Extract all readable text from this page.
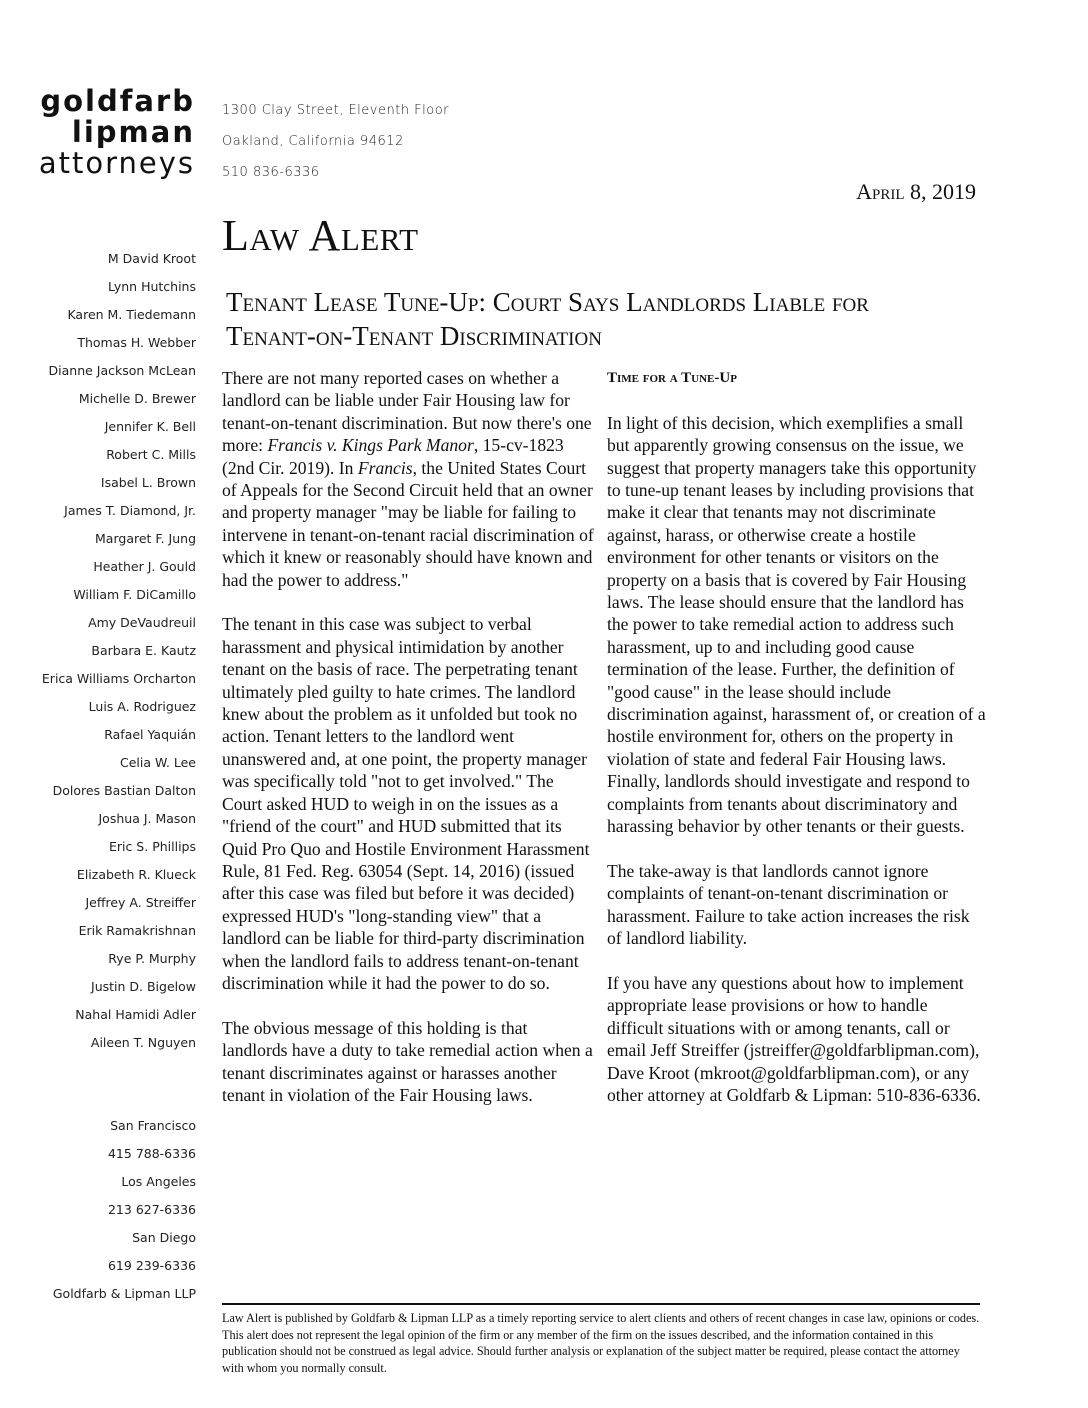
goldfarb
lipman
attorneys
1300 Clay Street, Eleventh Floor
Oakland, California 94612
510 836-6336
April 8, 2019
Law Alert
Tenant Lease Tune-Up: Court Says Landlords Liable for Tenant-on-Tenant Discrimination
M David Kroot
Lynn Hutchins
Karen M. Tiedemann
Thomas H. Webber
Dianne Jackson McLean
Michelle D. Brewer
Jennifer K. Bell
Robert C. Mills
Isabel L. Brown
James T. Diamond, Jr.
Margaret F. Jung
Heather J. Gould
William F. DiCamillo
Amy DeVaudreuil
Barbara E. Kautz
Erica Williams Orcharton
Luis A. Rodriguez
Rafael Yaquián
Celia W. Lee
Dolores Bastian Dalton
Joshua J. Mason
Eric S. Phillips
Elizabeth R. Klueck
Jeffrey A. Streiffer
Erik Ramakrishnan
Rye P. Murphy
Justin D. Bigelow
Nahal Hamidi Adler
Aileen T. Nguyen
San Francisco
415 788-6336
Los Angeles
213 627-6336
San Diego
619 239-6336
Goldfarb & Lipman LLP

There are not many reported cases on whether a landlord can be liable under Fair Housing law for tenant-on-tenant discrimination. But now there's one more: Francis v. Kings Park Manor, 15-cv-1823 (2nd Cir. 2019). In Francis, the United States Court of Appeals for the Second Circuit held that an owner and property manager "may be liable for failing to intervene in tenant-on-tenant racial discrimination of which it knew or reasonably should have known and had the power to address."

The tenant in this case was subject to verbal harassment and physical intimidation by another tenant on the basis of race. The perpetrating tenant ultimately pled guilty to hate crimes. The landlord knew about the problem as it unfolded but took no action. Tenant letters to the landlord went unanswered and, at one point, the property manager was specifically told "not to get involved." The Court asked HUD to weigh in on the issues as a "friend of the court" and HUD submitted that its Quid Pro Quo and Hostile Environment Harassment Rule, 81 Fed. Reg. 63054 (Sept. 14, 2016) (issued after this case was filed but before it was decided) expressed HUD's "long-standing view" that a landlord can be liable for third-party discrimination when the landlord fails to address tenant-on-tenant discrimination while it had the power to do so.

The obvious message of this holding is that landlords have a duty to take remedial action when a tenant discriminates against or harasses another tenant in violation of the Fair Housing laws.

Time for a Tune-Up

In light of this decision, which exemplifies a small but apparently growing consensus on the issue, we suggest that property managers take this opportunity to tune-up tenant leases by including provisions that make it clear that tenants may not discriminate against, harass, or otherwise create a hostile environment for other tenants or visitors on the property on a basis that is covered by Fair Housing laws. The lease should ensure that the landlord has the power to take remedial action to address such harassment, up to and including good cause termination of the lease. Further, the definition of "good cause" in the lease should include discrimination against, harassment of, or creation of a hostile environment for, others on the property in violation of state and federal Fair Housing laws. Finally, landlords should investigate and respond to complaints from tenants about discriminatory and harassing behavior by other tenants or their guests.

The take-away is that landlords cannot ignore complaints of tenant-on-tenant discrimination or harassment. Failure to take action increases the risk of landlord liability.

If you have any questions about how to implement appropriate lease provisions or how to handle difficult situations with or among tenants, call or email Jeff Streiffer (jstreiffer@goldfarblipman.com), Dave Kroot (mkroot@goldfarblipman.com), or any other attorney at Goldfarb & Lipman: 510-836-6336.

Law Alert is published by Goldfarb & Lipman LLP as a timely reporting service to alert clients and others of recent changes in case law, opinions or codes. This alert does not represent the legal opinion of the firm or any member of the firm on the issues described, and the information contained in this publication should not be construed as legal advice. Should further analysis or explanation of the subject matter be required, please contact the attorney with whom you normally consult.
